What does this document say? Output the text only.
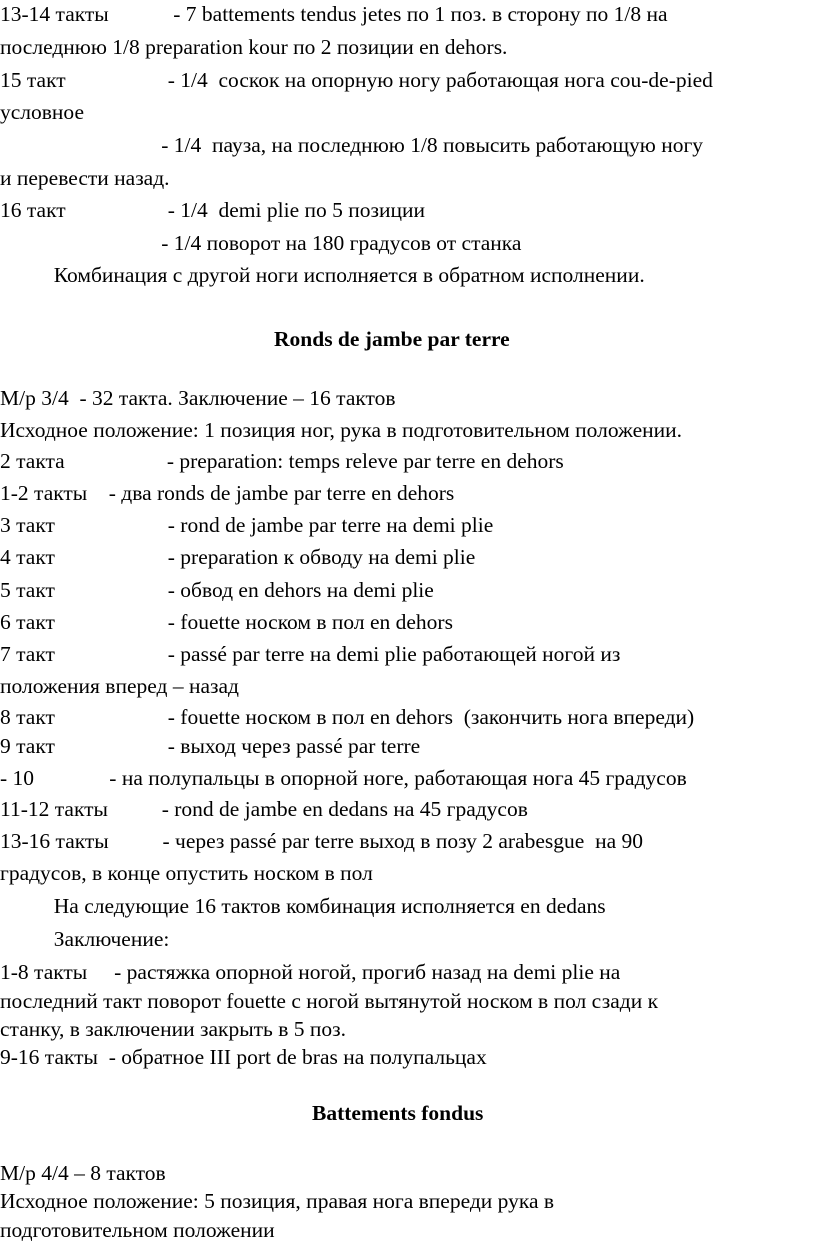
13-14 такты            - 7 battements tendus jetes по 1 поз. в сторону по 1/8 на
последнюю 1/8 preparation kour по 2 позиции en dehors.
15 такт                   - 1/4  соскок на опорную ногу работающая нога cou-de-pied
условное
- 1/4  пауза, на последнюю 1/8 повысить работающую ногу
и перевести назад.
16 такт                   - 1/4  demi plie по 5 позиции
- 1/4 поворот на 180 градусов от станка
Комбинация с другой ноги исполняется в обратном исполнении.
Ronds de jambe par terre
М/р 3/4  - 32 такта. Заключение – 16 тактов
Исходное положение: 1 позиция ног, рука в подготовительном положении.
2 такта                   - preparation: temps releve par terre en dehors
1-2 такты    - два ronds de jambe par terre en dehors
3 такт                     - rond de jambe par terre на demi plie
4 такт                     - preparation к обводу на demi plie
5 такт                     - обвод en dehors на demi plie
6 такт                     - fouette носком в пол en dehors
7 такт                     - passé par terre на demi plie работающей ногой из
положения вперед – назад
8 такт                     - fouette носком в пол en dehors  (закончить нога впереди)
9 такт                     - выход через passé par terre
- 10              - на полупальцы в опорной ноге, работающая нога 45 градусов
11-12 такты          - rond de jambe en dedans на 45 градусов
13-16 такты          - через passé par terre выход в позу 2 arabesgue  на 90
градусов, в конце опустить носком в пол
На следующие 16 тактов комбинация исполняется en dedans
Заключение:
1-8 такты     - растяжка опорной ногой, прогиб назад на demi plie на
последний такт поворот fouette с ногой вытянутой носком в пол сзади к
станку, в заключении закрыть в 5 поз.
9-16 такты  - обратное III port de bras на полупальцах
Battements fondus
М/р 4/4 – 8 тактов
Исходное положение: 5 позиция, правая нога впереди рука в
подготовительном положении
